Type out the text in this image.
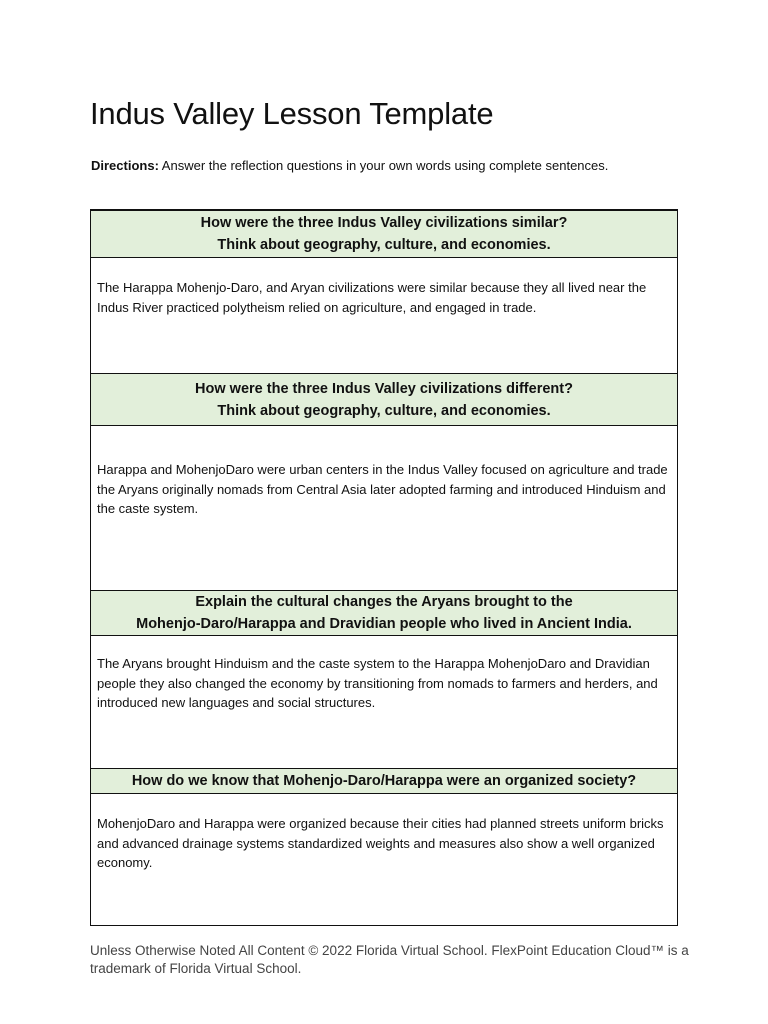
Indus Valley Lesson Template
Directions: Answer the reflection questions in your own words using complete sentences.
How were the three Indus Valley civilizations similar?
Think about geography, culture, and economies.
The Harappa Mohenjo-Daro, and Aryan civilizations were similar because they all lived near the Indus River practiced polytheism relied on agriculture, and engaged in trade.
How were the three Indus Valley civilizations different?
Think about geography, culture, and economies.
Harappa and MohenjoDaro were urban centers in the Indus Valley focused on agriculture and trade the Aryans originally nomads from Central Asia later adopted farming and introduced Hinduism and the caste system.
Explain the cultural changes the Aryans brought to the
Mohenjo-Daro/Harappa and Dravidian people who lived in Ancient India.
The Aryans brought Hinduism and the caste system to the Harappa MohenjoDaro and Dravidian people they also changed the economy by transitioning from nomads to farmers and herders, and introduced new languages and social structures.
How do we know that Mohenjo-Daro/Harappa were an organized society?
MohenjoDaro and Harappa were organized because their cities had planned streets uniform bricks and advanced drainage systems standardized weights and measures also show a well organized economy.
Unless Otherwise Noted All Content © 2022 Florida Virtual School. FlexPoint Education Cloud™ is a trademark of Florida Virtual School.
